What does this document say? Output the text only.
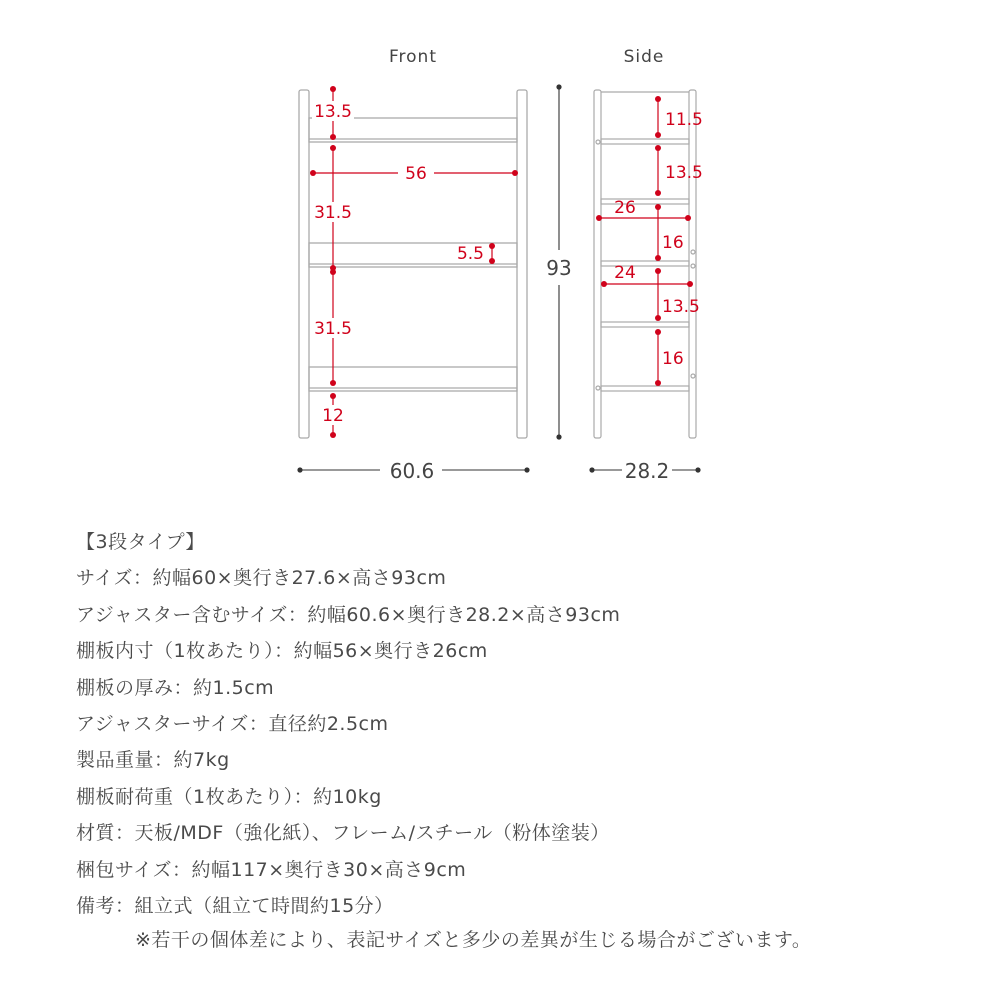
Front
13.5
56
31.5
5.5
31.5
12
60.6
93
Side
11.5
13.5
26
16
24
13.5
16
28.2
【3段タイプ】
サイズ：約幅60×奥行き27.6×高さ93cm
アジャスター含むサイズ：約幅60.6×奥行き28.2×高さ93cm
棚板内寸（1枚あたり）：約幅56×奥行き26cm
棚板の厚み：約1.5cm
アジャスターサイズ：直径約2.5cm
製品重量：約7kg
棚板耐荷重（1枚あたり）：約10kg
材質：天板/MDF（強化紙）、フレーム/スチール（粉体塗装）
梱包サイズ：約幅117×奥行き30×高さ9cm
備考：組立式（組立て時間約15分）
※若干の個体差により、表記サイズと多少の差異が生じる場合がございます。
